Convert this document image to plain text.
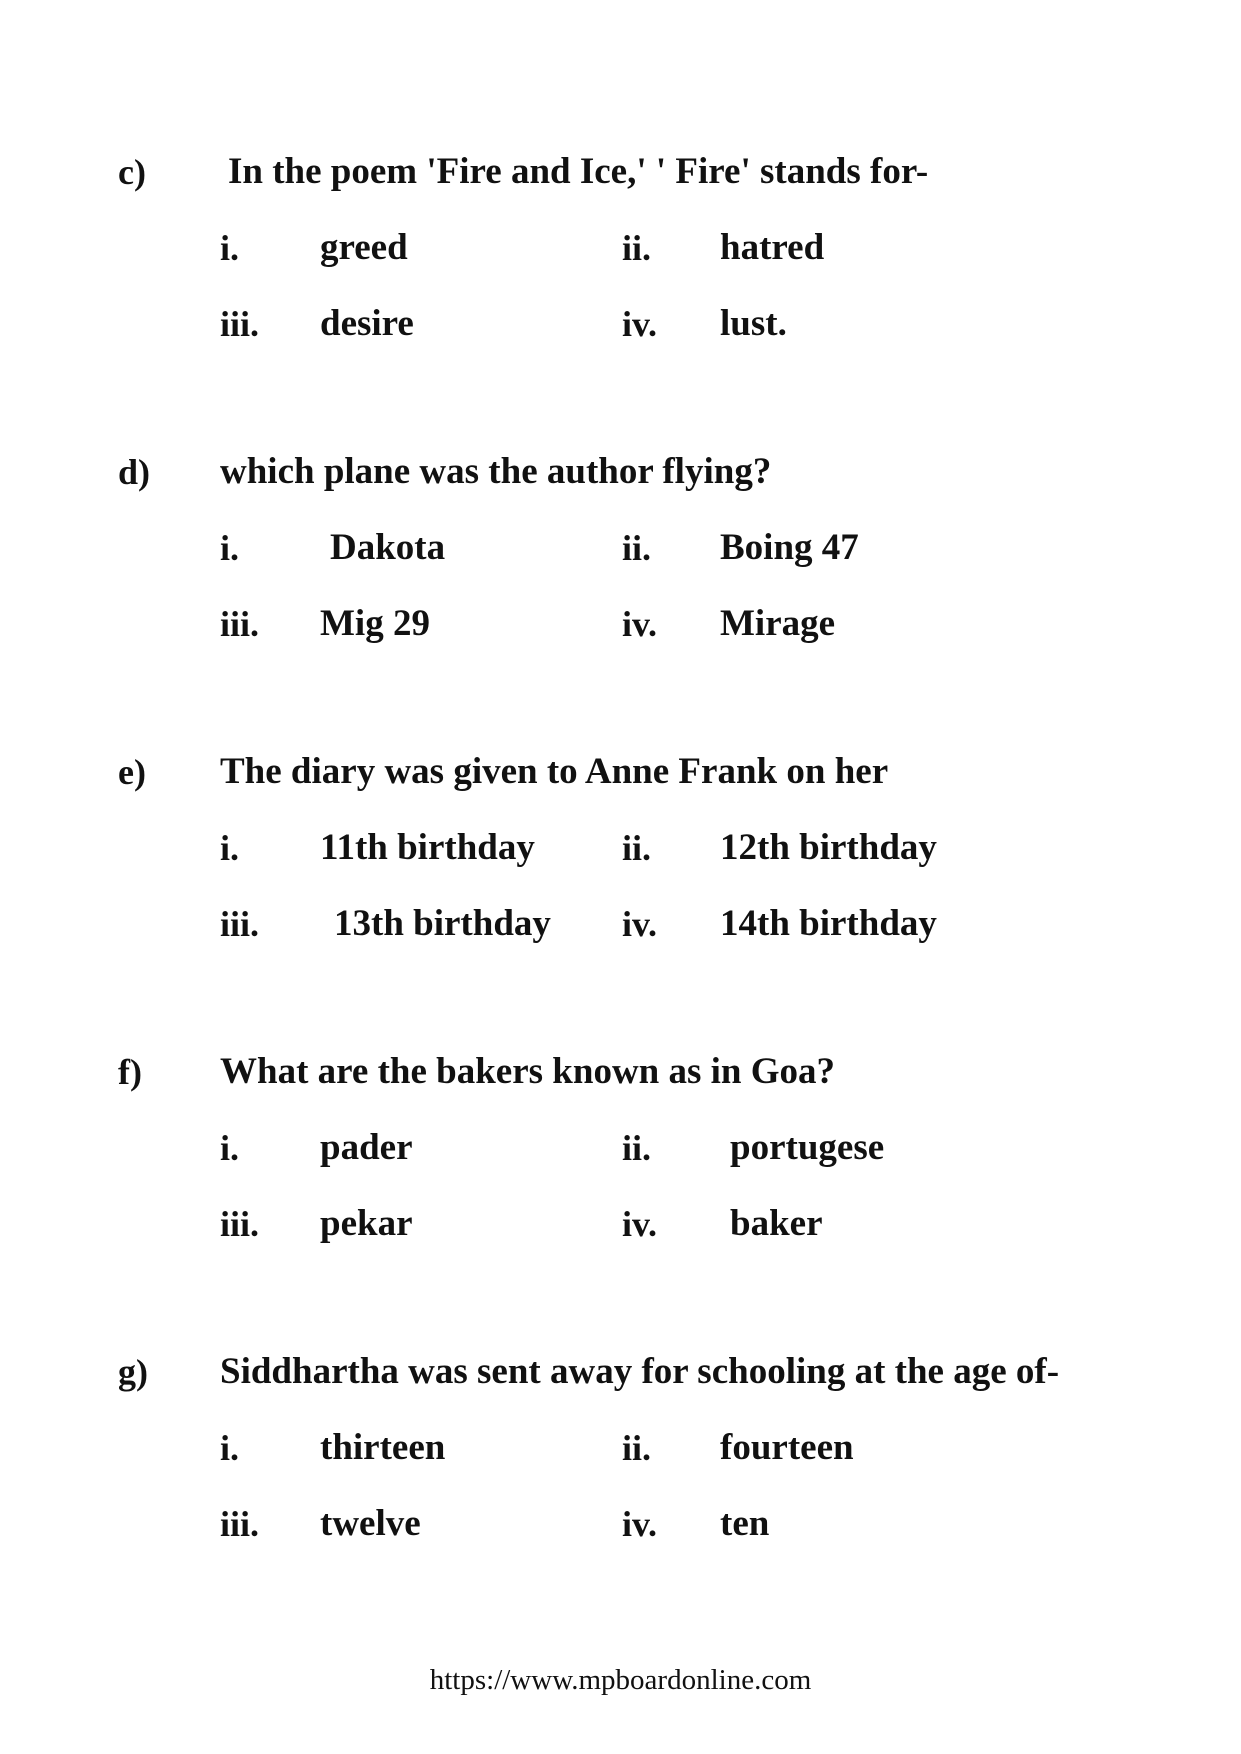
c) In the poem 'Fire and Ice,' ' Fire' stands for-
i. greed	ii. hatred
iii. desire	iv. lust.
d) which plane was the author flying?
i. Dakota	ii. Boing 47
iii. Mig 29	iv. Mirage
e) The diary was given to Anne Frank on her
i. 11th birthday ii. 12th birthday
iii. 13th birthday iv. 14th birthday
f) What are the bakers known as in Goa?
i. pader	ii. portugese
iii. pekar	iv. baker
g) Siddhartha was sent away for schooling at the age of-
i. thirteen	ii. fourteen
iii. twelve	iv. ten
https://www.mpboardonline.com
